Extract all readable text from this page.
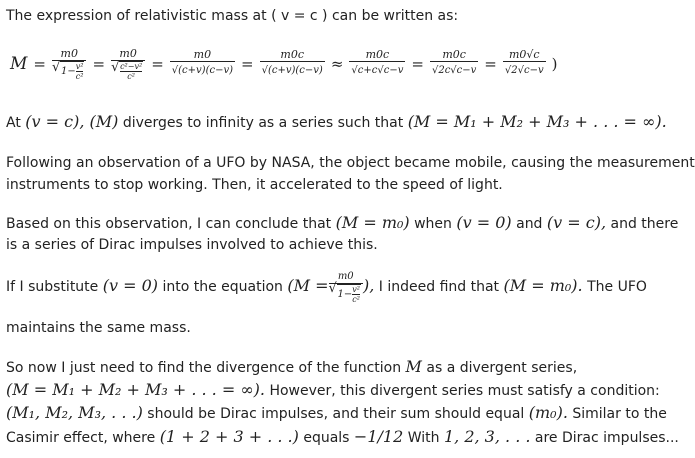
The expression of relativistic mass at ( v = c ) can be written as:
M = m0
√ $1- \frac{\text{v²}}{\text{c²}} = m0$
√ $\frac{\text{c²−v²}}{\text{c²}} = \frac{m0}{√(c+v)(c-v)} = \frac{m0c}{√(c+v)(c-v)} \approx \frac{m0c}{√c+c√c-v} = \frac{m0c}{√2c√c-v} = \frac{m0√c}{√2√c-v}$ )
At (v = c), (M) diverges to infinity as a series such that (M = M₁ + M₂ + M₃ + . . . = ∞).
Following an observation of a UFO by NASA, the object became mobile, causing the measurement
instruments to stop working. Then, it accelerated to the speed of light.
Based on this observation, I can conclude that (M = m₀) when (v = 0) and (v = c), and there
is a series of Dirac impulses involved to achieve this.
If I substitute (v = 0) into the equation (M = m0
√ $1- \frac{\text{v²}}{\text{c²}}$ ), I indeed find that (M = m₀). The UFO
maintains the same mass.
So now I just need to find the divergence of the function M as a divergent series,
(M = M₁ + M₂ + M₃ + . . . = ∞). However, this divergent series must satisfy a condition:
(M₁, M₂, M₃, . . .) should be Dirac impulses, and their sum should equal (m₀). Similar to the
Casimir effect, where (1 + 2 + 3 + . . .) equals −1/12 With 1, 2, 3, . . . are Dirac impulses...
